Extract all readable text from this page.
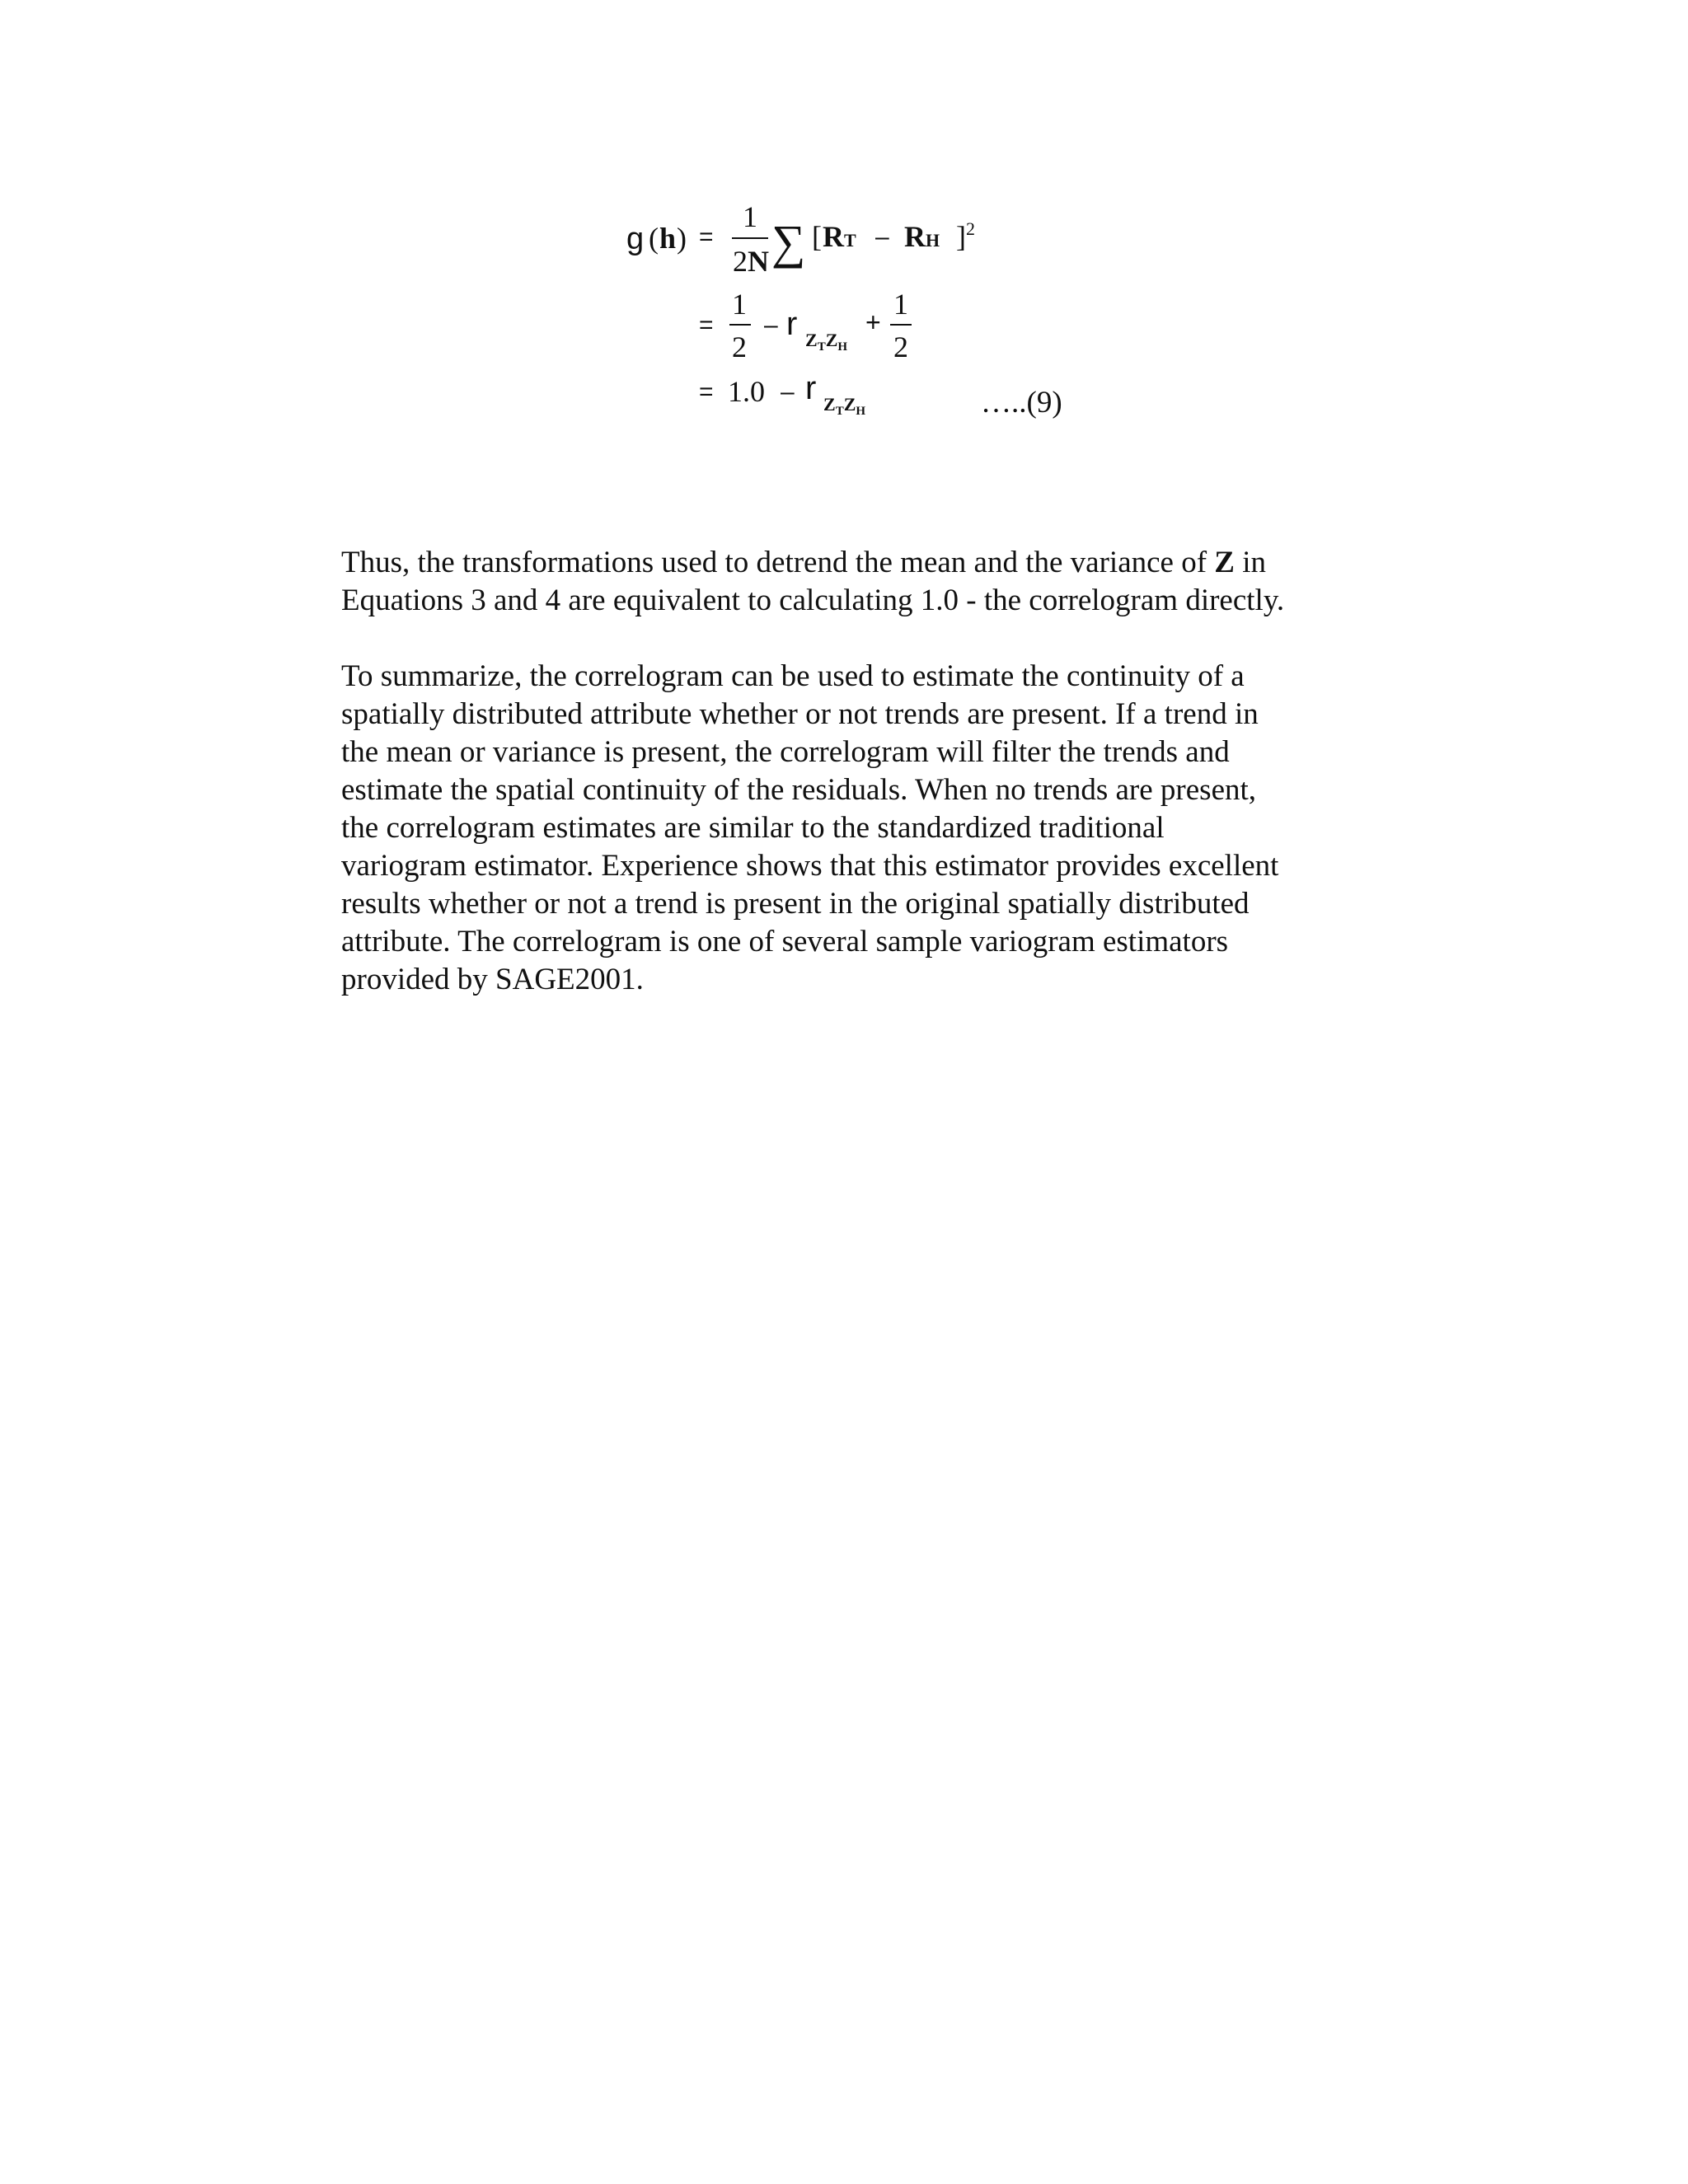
g ( h ) =
1
2N ∑ [ RT – RH ]$^2$
=
1
2
– r ZTZH
+
1
2
= 1.0 – r ZTZH	…..(9)

Thus, the transformations used to detrend the mean and the variance of Z in
Equations 3 and 4 are equivalent to calculating 1.0 - the correlogram directly.

To summarize, the correlogram can be used to estimate the continuity of a
spatially distributed attribute whether or not trends are present. If a trend in
the mean or variance is present, the correlogram will filter the trends and
estimate the spatial continuity of the residuals. When no trends are present,
the correlogram estimates are similar to the standardized traditional
variogram estimator. Experience shows that this estimator provides excellent
results whether or not a trend is present in the original spatially distributed
attribute. The correlogram is one of several sample variogram estimators
provided by SAGE2001.
